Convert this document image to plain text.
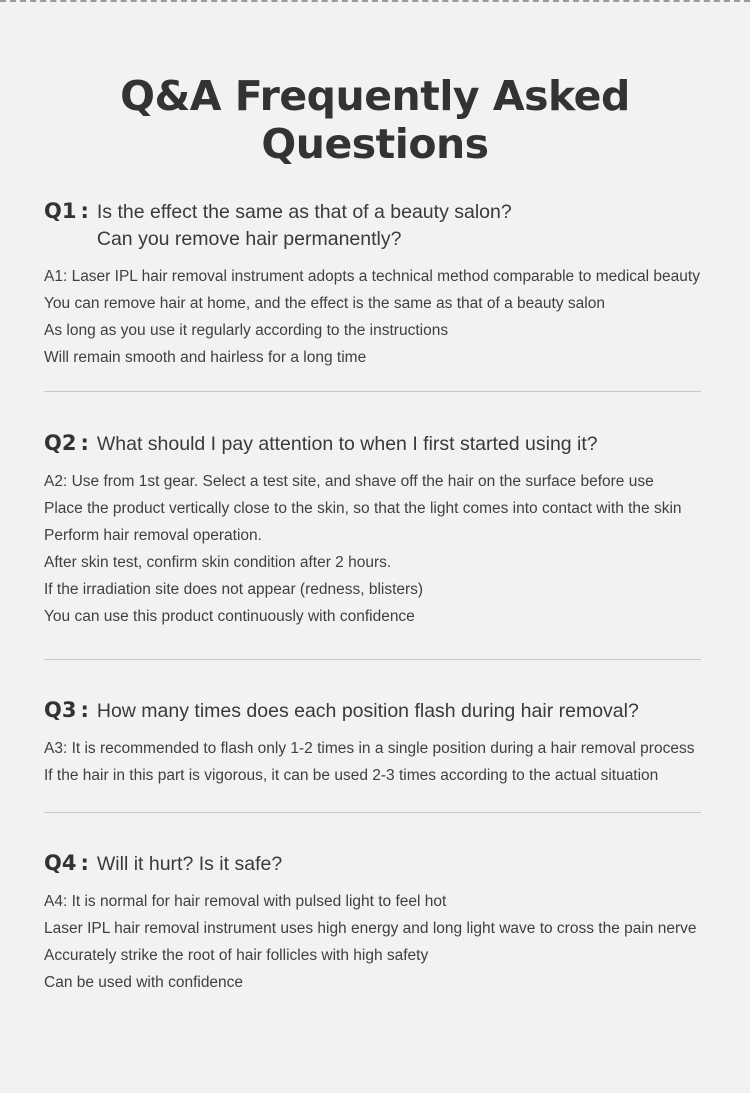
Q&A Frequently Asked Questions
Q1 : Is the effect the same as that of a beauty salon?
Can you remove hair permanently?
A1: Laser IPL hair removal instrument adopts a technical method comparable to medical beauty
You can remove hair at home, and the effect is the same as that of a beauty salon
As long as you use it regularly according to the instructions
Will remain smooth and hairless for a long time
Q2 : What should I pay attention to when I first started using it?
A2: Use from 1st gear. Select a test site, and shave off the hair on the surface before use
Place the product vertically close to the skin, so that the light comes into contact with the skin
Perform hair removal operation.
After skin test, confirm skin condition after 2 hours.
If the irradiation site does not appear (redness, blisters)
You can use this product continuously with confidence
Q3 : How many times does each position flash during hair removal?
A3: It is recommended to flash only 1-2 times in a single position during a hair removal process
If the hair in this part is vigorous, it can be used 2-3 times according to the actual situation
Q4 : Will it hurt? Is it safe?
A4: It is normal for hair removal with pulsed light to feel hot
Laser IPL hair removal instrument uses high energy and long light wave to cross the pain nerve
Accurately strike the root of hair follicles with high safety
Can be used with confidence
